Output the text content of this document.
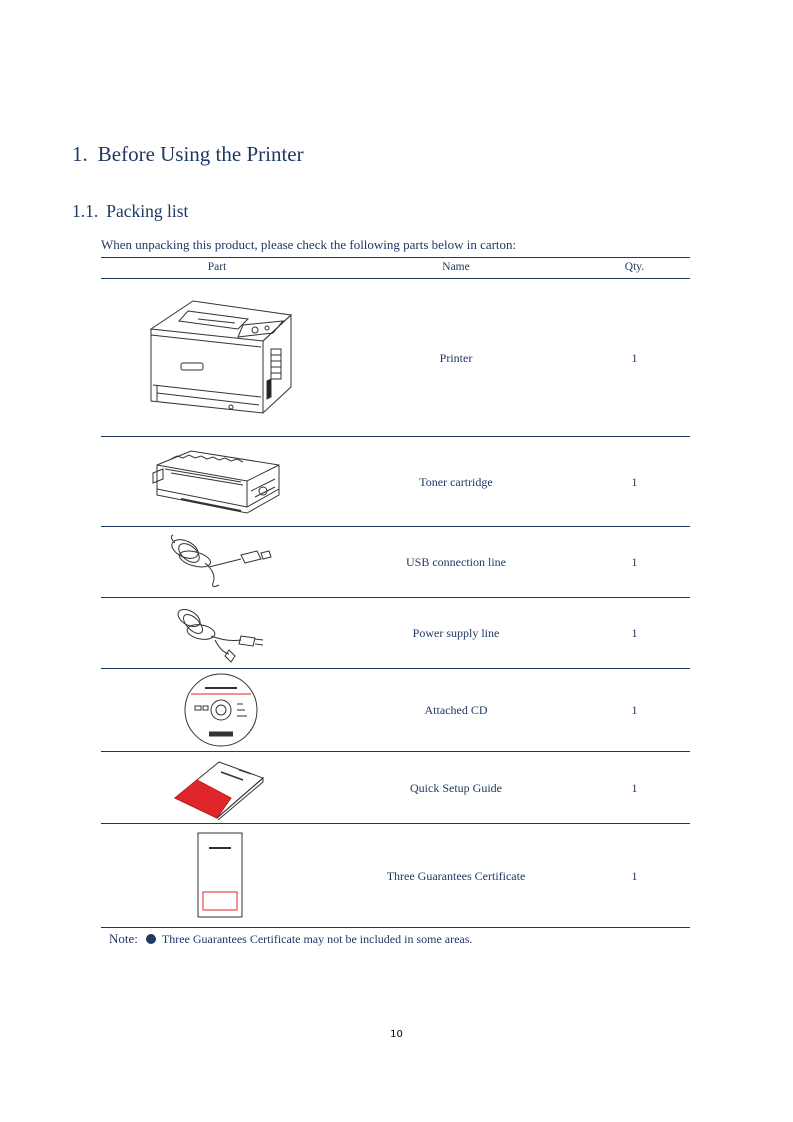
1. Before Using the Printer
1.1. Packing list
When unpacking this product, please check the following parts below in carton:
Part	Name	Qty.
Printer	1
Toner cartridge	1
USB connection line	1
Power supply line	1
Attached CD	1
Quick Setup Guide	1
Three Guarantees Certificate	1
Note: Three Guarantees Certificate may not be included in some areas.
10
